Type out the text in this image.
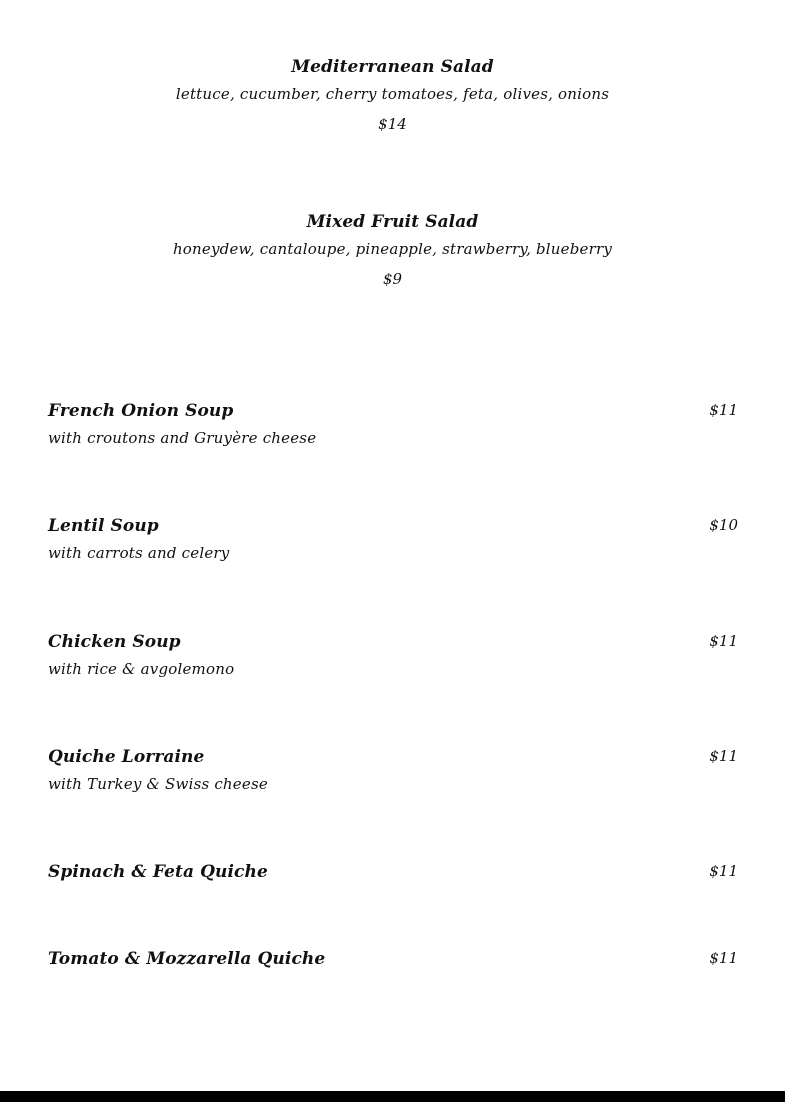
Mediterranean Salad
lettuce, cucumber, cherry tomatoes, feta, olives, onions
$14
Mixed Fruit Salad
honeydew, cantaloupe, pineapple, strawberry, blueberry
$9
French Onion Soup
with croutons and Gruyère cheese
$11
Lentil Soup
with carrots and celery
$10
Chicken Soup
with rice & avgolemono
$11
Quiche Lorraine
with Turkey & Swiss cheese
$11
Spinach & Feta Quiche	$11
Tomato & Mozzarella Quiche	$11
